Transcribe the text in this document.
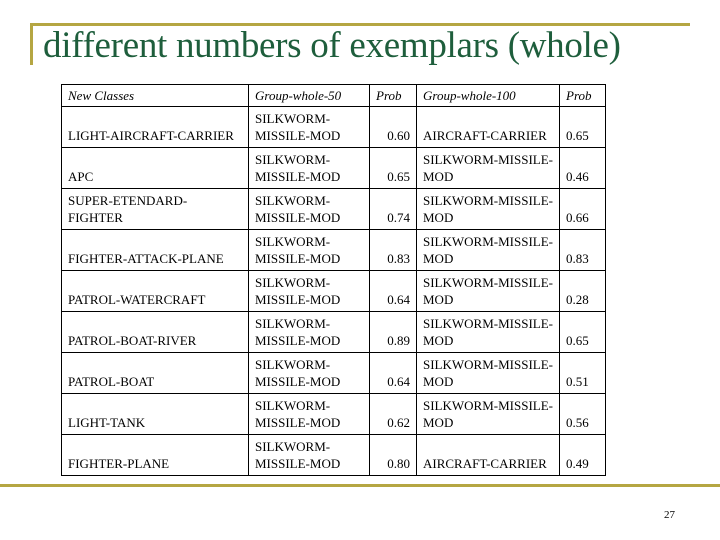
different numbers of exemplars (whole)
New Classes	Group-whole-50	Prob	Group-whole-100	Prob
LIGHT-AIRCRAFT-CARRIER	SILKWORM-MISSILE-MOD	0.60	AIRCRAFT-CARRIER	0.65
APC	SILKWORM-MISSILE-MOD	0.65	SILKWORM-MISSILE-MOD	0.46
SUPER-ETENDARD-FIGHTER	SILKWORM-MISSILE-MOD	0.74	SILKWORM-MISSILE-MOD	0.66
FIGHTER-ATTACK-PLANE	SILKWORM-MISSILE-MOD	0.83	SILKWORM-MISSILE-MOD	0.83
PATROL-WATERCRAFT	SILKWORM-MISSILE-MOD	0.64	SILKWORM-MISSILE-MOD	0.28
PATROL-BOAT-RIVER	SILKWORM-MISSILE-MOD	0.89	SILKWORM-MISSILE-MOD	0.65
PATROL-BOAT	SILKWORM-MISSILE-MOD	0.64	SILKWORM-MISSILE-MOD	0.51
LIGHT-TANK	SILKWORM-MISSILE-MOD	0.62	SILKWORM-MISSILE-MOD	0.56
FIGHTER-PLANE	SILKWORM-MISSILE-MOD	0.80	AIRCRAFT-CARRIER	0.49
27
